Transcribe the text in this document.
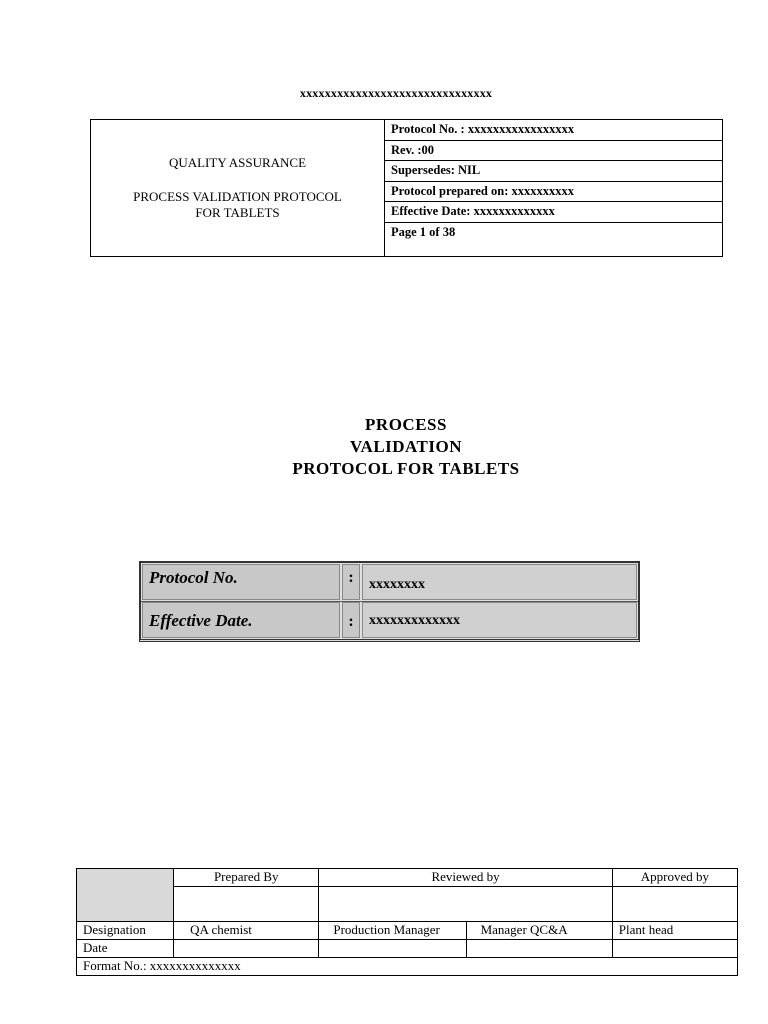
xxxxxxxxxxxxxxxxxxxxxxxxxxxxxxx
QUALITY ASSURANCE
PROCESS VALIDATION PROTOCOL
FOR TABLETS
Protocol No. : xxxxxxxxxxxxxxxxx
Rev. :00
Supersedes: NIL
Protocol prepared on: xxxxxxxxxx
Effective Date: xxxxxxxxxxxxx
Page 1 of 38
PROCESS
VALIDATION
PROTOCOL FOR TABLETS
Protocol No.	:	xxxxxxxx
Effective Date.	:	xxxxxxxxxxxxx
	Prepared By	Reviewed by		Approved by

Designation	QA chemist	Production Manager	Manager QC&A	Plant head
Date				
Format No.: xxxxxxxxxxxxxx				
